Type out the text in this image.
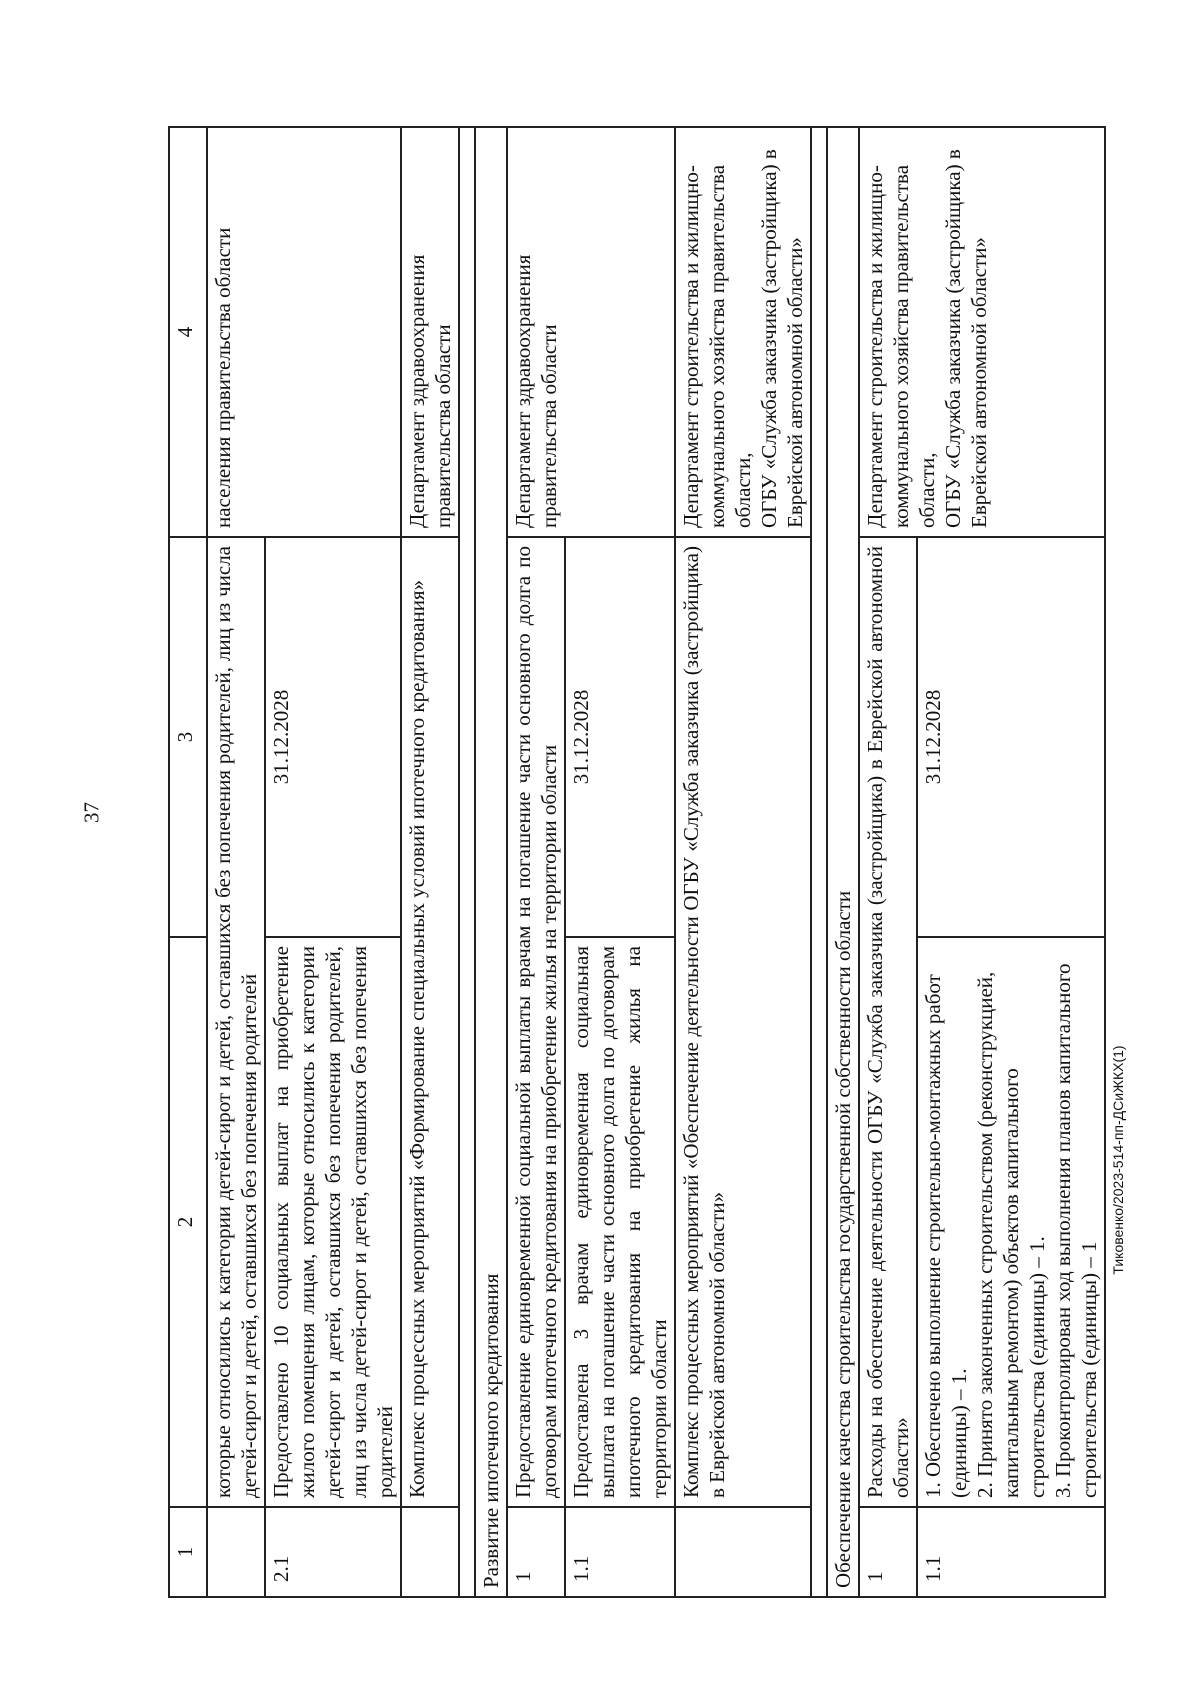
37
Тиковенко/2023-514-пп-ДСиЖКХ(1)
1	2	3	4
	которые относились к категории детей-сирот и детей, оставшихся без попечения родителей, лиц из числа детей-сирот и детей, оставшихся без попечения родителей		населения правительства области
2.1	Предоставлено 10 социальных выплат на приобретение жилого помещения лицам, которые относились к категории детей-сирот и детей, оставшихся без попечения родителей, лиц из числа детей-сирот и детей, оставшихся без попечения родителей	31.12.2028	
	Комплекс процессных мероприятий «Формирование специальных условий ипотечного кредитования»		Департамент здравоохранения правительства области

Развитие ипотечного кредитования			
1	Предоставление единовременной социальной выплаты врачам на погашение части основного долга по договорам ипотечного кредитования на приобретение жилья на территории области		Департамент здравоохранения правительства области
1.1	Предоставлена 3 врачам единовременная социальная выплата на погашение части основного долга по договорам ипотечного кредитования на приобретение жилья на территории области	31.12.2028	
	Комплекс процессных мероприятий «Обеспечение деятельности ОГБУ «Служба заказчика (застройщика) в Еврейской автономной области»		Департамент строительства и жилищно-коммунального хозяйства правительства области,
ОГБУ «Служба заказчика (застройщика) в Еврейской автономной области»

Обеспечение качества строительства государственной собственности области			
1	Расходы на обеспечение деятельности ОГБУ «Служба заказчика (застройщика) в Еврейской автономной области»		Департамент строительства и жилищно-коммунального хозяйства правительства области,
ОГБУ «Служба заказчика (застройщика) в Еврейской автономной области»
1.1	1. Обеспечено выполнение строительно-монтажных работ (единицы) – 1.
2. Принято законченных строительством (реконструкцией, капитальным ремонтом) объектов капитального строительства (единицы) – 1.
3. Проконтролирован ход выполнения планов капитального строительства (единицы) – 1	31.12.2028	
